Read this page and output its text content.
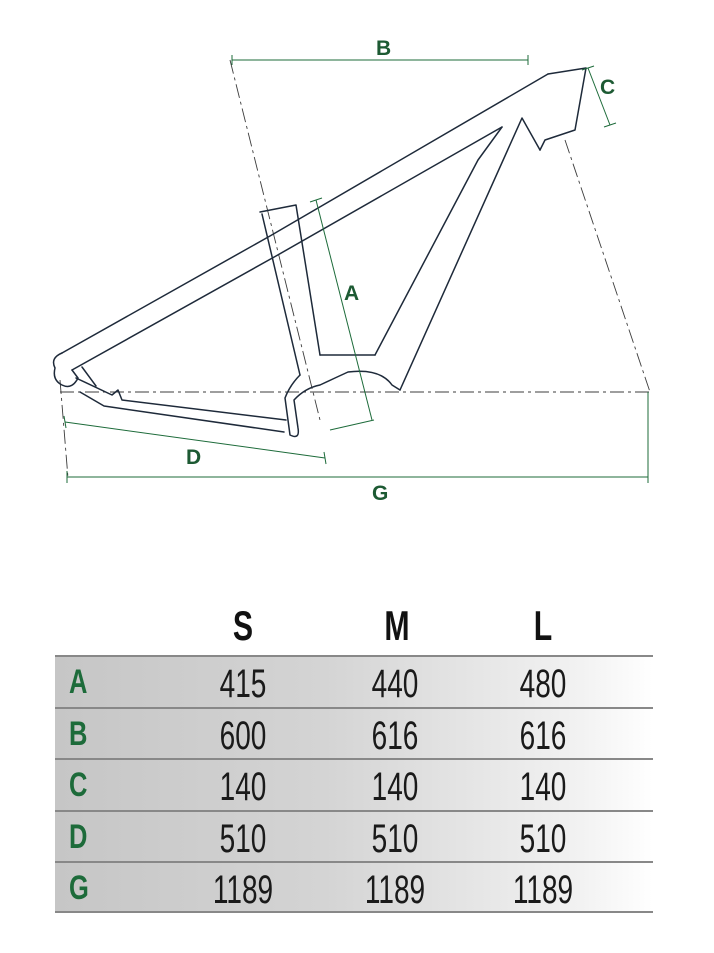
B
C
A
D
G
S	M	L
A	415	440	480
B	600	616	616
C	140	140	140
D	510	510	510
G	1189 1189 1189
